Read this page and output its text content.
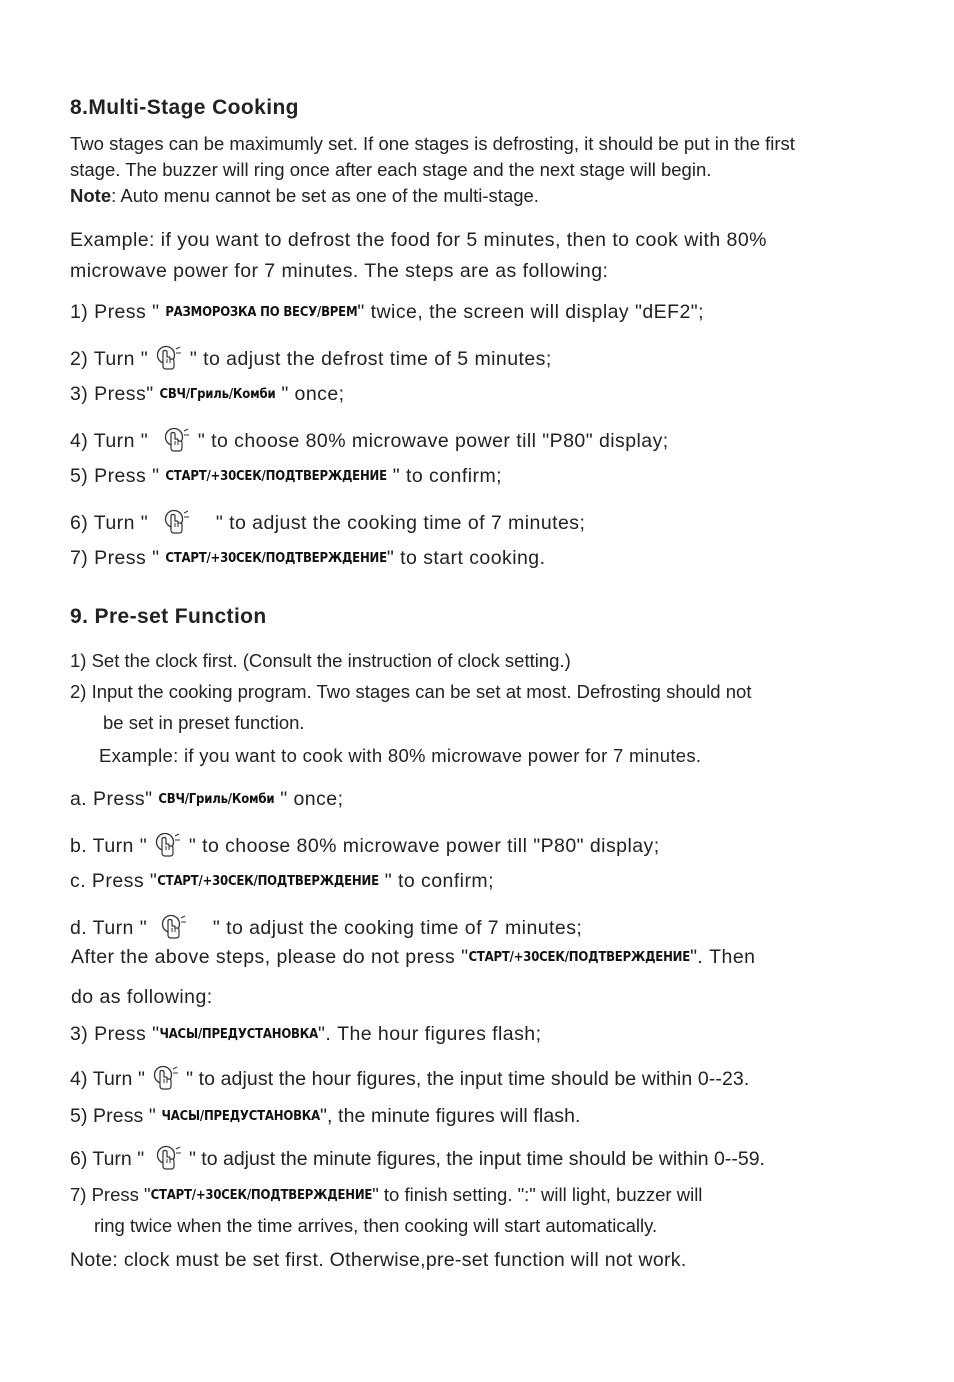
8.Multi-Stage Cooking
Two stages can be maximumly set. If one stages is defrosting, it should be put in the first
stage. The buzzer will ring once after each stage and the next stage will begin.
Note: Auto menu cannot be set as one of the multi-stage.
Example: if you want to defrost the food for 5 minutes, then to cook with 80%
microwave power for 7 minutes. The steps are as following:
1) Press " РАЗМОРОЗКА ПО ВЕСУ/ВРЕМ" twice, the screen will display "dEF2";
2) Turn "
" to adjust the defrost time of 5 minutes;
3) Press" СВЧ/Гриль/Комби " once;
4) Turn "
" to choose 80% microwave power till "P80" display;
5) Press " СТАРТ/+30СЕК/ПОДТВЕРЖДЕНИЕ " to confirm;
6) Turn "	" to adjust the cooking time of 7 minutes;
7) Press " СТАРТ/+30СЕК/ПОДТВЕРЖДЕНИЕ" to start cooking.
9. Pre-set Function
1) Set the clock first. (Consult the instruction of clock setting.)
2) Input the cooking program. Two stages can be set at most. Defrosting should not
be set in preset function.
Example: if you want to cook with 80% microwave power for 7 minutes.
a. Press" СВЧ/Гриль/Комби " once;
b. Turn "
" to choose 80% microwave power till "P80" display;
c. Press "СТАРТ/+30СЕК/ПОДТВЕРЖДЕНИЕ " to confirm;
d. Turn "	" to adjust the cooking time of 7 minutes;
After the above steps, please do not press "СТАРТ/+30СЕК/ПОДТВЕРЖДЕНИЕ". Then
do as following:
3) Press "ЧАСЫ/ПРЕДУСТАНОВКА". The hour figures flash;
4) Turn "
" to adjust the hour figures, the input time should be within 0--23.
5) Press " ЧАСЫ/ПРЕДУСТАНОВКА", the minute figures will flash.
6) Turn "
" to adjust the minute figures, the input time should be within 0--59.
7) Press "СТАРТ/+30СЕК/ПОДТВЕРЖДЕНИЕ" to finish setting. ":" will light, buzzer will
ring twice when the time arrives, then cooking will start automatically.
Note: clock must be set first. Otherwise,pre-set function will not work.
